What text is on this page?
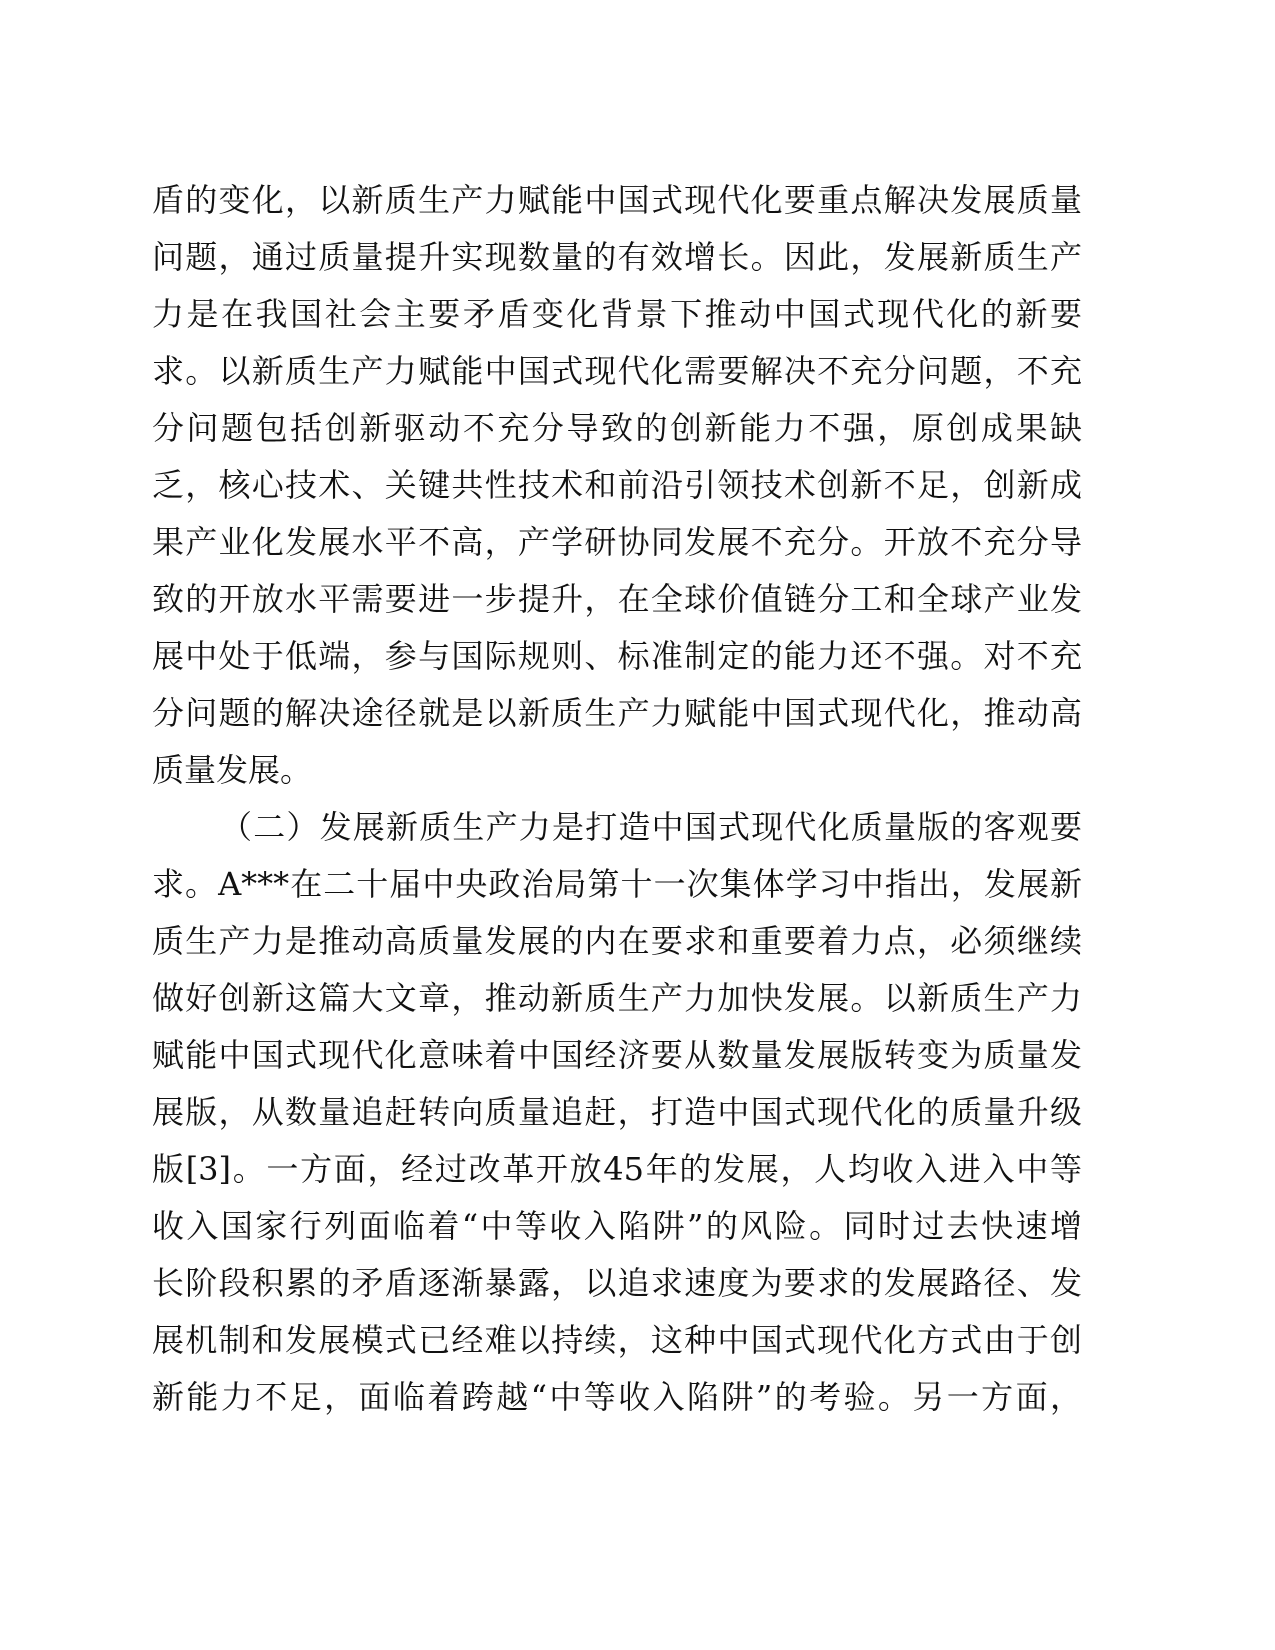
盾的变化，以新质生产力赋能中国式现代化要重点解决发展质量

问题，通过质量提升实现数量的有效增长。因此，发展新质生产

力是在我国社会主要矛盾变化背景下推动中国式现代化的新要

求。以新质生产力赋能中国式现代化需要解决不充分问题，不充

分问题包括创新驱动不充分导致的创新能力不强，原创成果缺

乏，核心技术、关键共性技术和前沿引领技术创新不足，创新成

果产业化发展水平不高，产学研协同发展不充分。开放不充分导

致的开放水平需要进一步提升，在全球价值链分工和全球产业发

展中处于低端，参与国际规则、标准制定的能力还不强。对不充

分问题的解决途径就是以新质生产力赋能中国式现代化，推动高

质量发展。

（二）发展新质生产力是打造中国式现代化质量版的客观要

求。A***在二十届中央政治局第十一次集体学习中指出，发展新

质生产力是推动高质量发展的内在要求和重要着力点，必须继续

做好创新这篇大文章，推动新质生产力加快发展。以新质生产力

赋能中国式现代化意味着中国经济要从数量发展版转变为质量发

展版，从数量追赶转向质量追赶，打造中国式现代化的质量升级

版[3]。一方面，经过改革开放45年的发展，人均收入进入中等

收入国家行列面临着“中等收入陷阱”的风险。同时过去快速增

长阶段积累的矛盾逐渐暴露，以追求速度为要求的发展路径、发

展机制和发展模式已经难以持续，这种中国式现代化方式由于创

新能力不足，面临着跨越“中等收入陷阱”的考验。另一方面，
